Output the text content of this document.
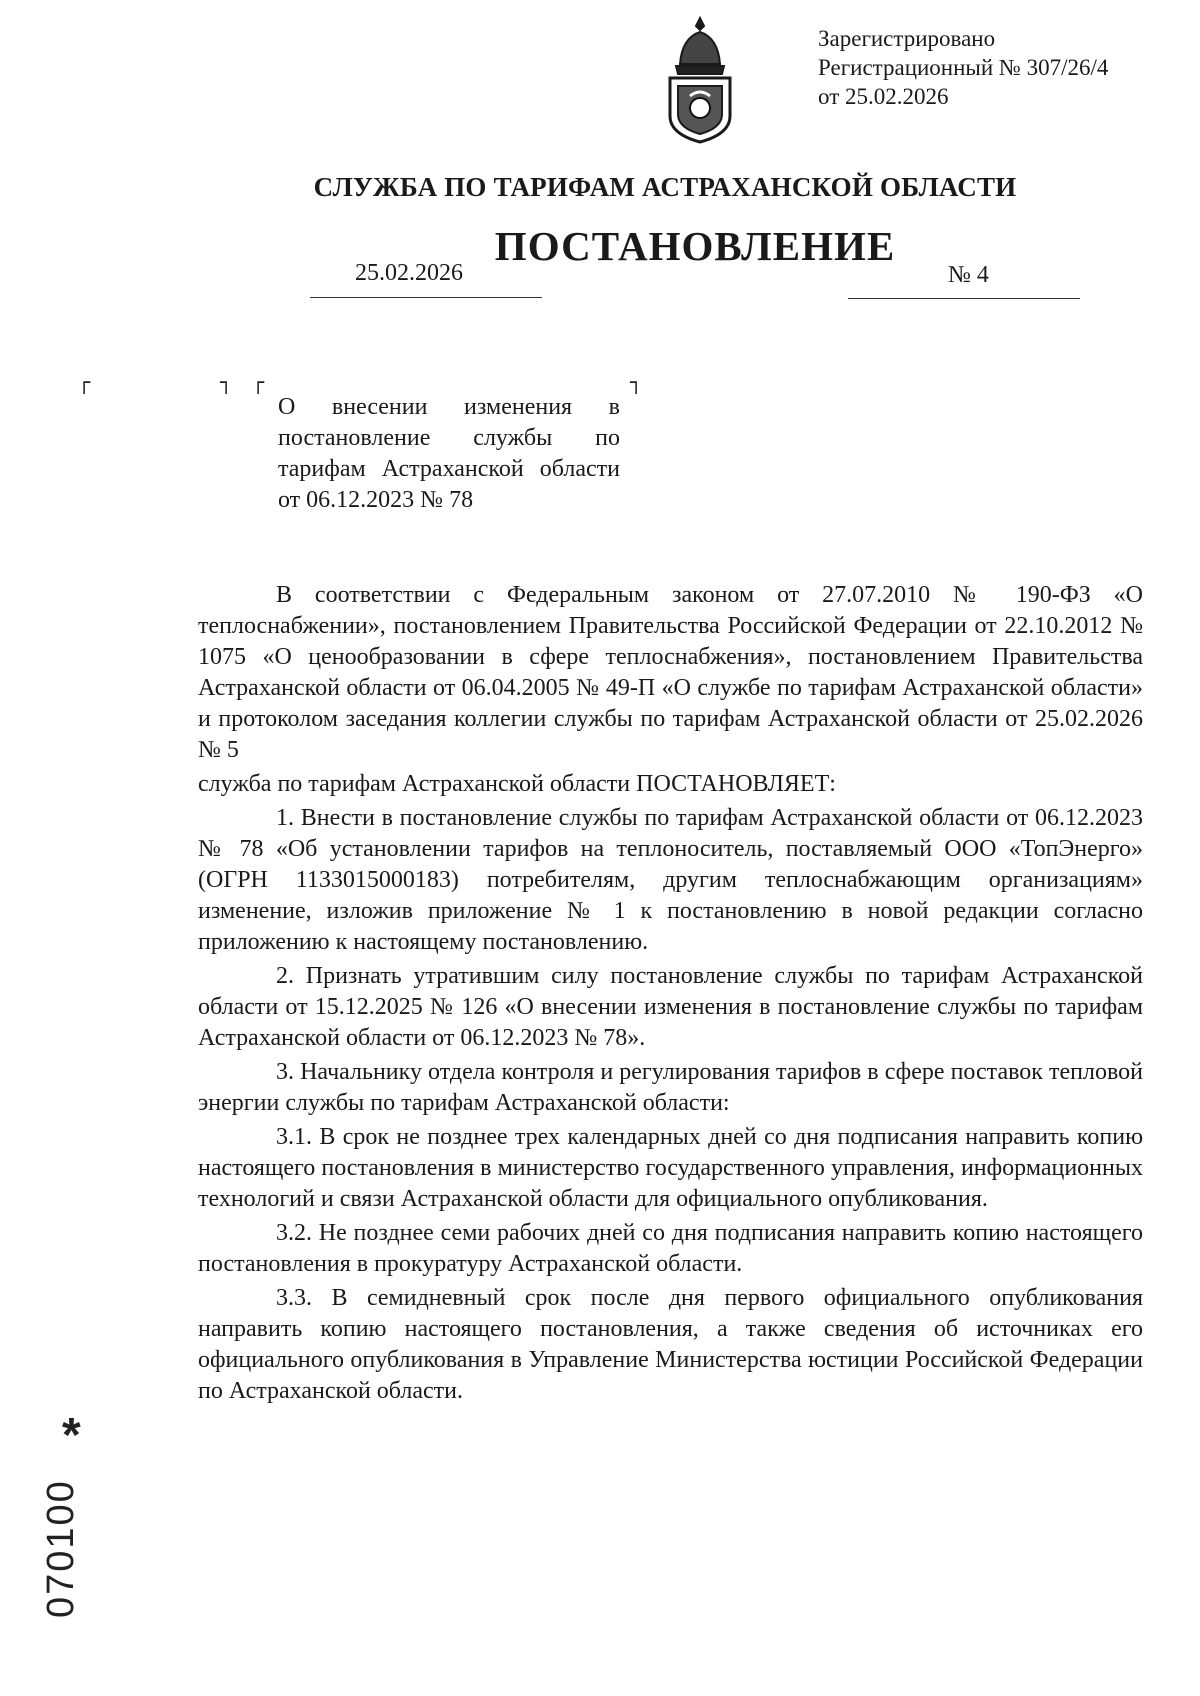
Зарегистрировано
Регистрационный № 307/26/4
от 25.02.2026
СЛУЖБА ПО ТАРИФАМ АСТРАХАНСКОЙ ОБЛАСТИ
ПОСТАНОВЛЕНИЕ
25.02.2026	№ 4
┌	┐ ┌	┐
О внесении изменения в постановление службы по тарифам Астраханской области от 06.12.2023 № 78

В соответствии с Федеральным законом от 27.07.2010 № 190-ФЗ «О теплоснабжении», постановлением Правительства Российской Федерации от 22.10.2012 № 1075 «О ценообразовании в сфере теплоснабжения», постановлением Правительства Астраханской области от 06.04.2005 № 49-П «О службе по тарифам Астраханской области» и протоколом заседания коллегии службы по тарифам Астраханской области от 25.02.2026 № 5

служба по тарифам Астраханской области ПОСТАНОВЛЯЕТ:

1. Внести в постановление службы по тарифам Астраханской области от 06.12.2023 № 78 «Об установлении тарифов на теплоноситель, поставляемый ООО «ТопЭнерго» (ОГРН 1133015000183) потребителям, другим теплоснабжающим организациям» изменение, изложив приложение № 1 к постановлению в новой редакции согласно приложению к настоящему постановлению.

2. Признать утратившим силу постановление службы по тарифам Астраханской области от 15.12.2025 № 126 «О внесении изменения в постановление службы по тарифам Астраханской области от 06.12.2023 № 78».

3. Начальнику отдела контроля и регулирования тарифов в сфере поставок тепловой энергии службы по тарифам Астраханской области:

3.1. В срок не позднее трех календарных дней со дня подписания направить копию настоящего постановления в министерство государственного управления, информационных технологий и связи Астраханской области для официального опубликования.

3.2. Не позднее семи рабочих дней со дня подписания направить копию настоящего постановления в прокуратуру Астраханской области.

3.3. В семидневный срок после дня первого официального опубликования направить копию настоящего постановления, а также сведения об источниках его официального опубликования в Управление Министерства юстиции Российской Федерации по Астраханской области.

*
070100
